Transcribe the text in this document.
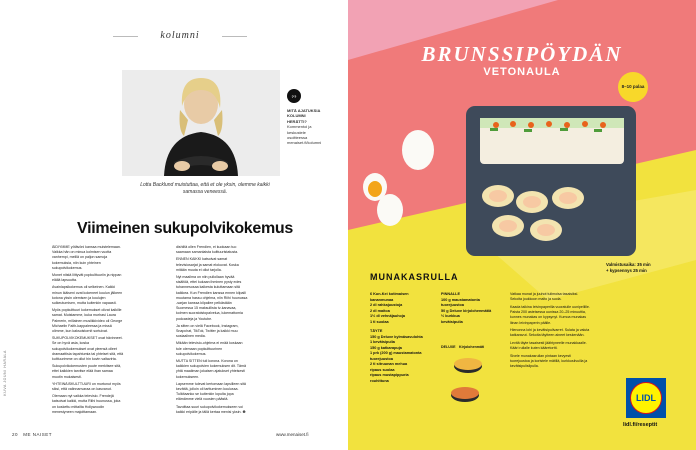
kolumni
Lotta Backlund muistuttaa, että et ole yksin, olemme kaikki samassa veneessä.
??
MITÄ AJATUKSIA KOLUMNI HERÄTTI?
Kommentoi ja keskustele osoitteessa menaiset.fi/kolumni
Viimeinen sukupolvikokemus

ÄIDIYMME yötävöni kanssa muistelemaan. Vaikka hän on minua kolmisen vuotta vanhempi, meillä on paljon samoja kokemuksia, niin kuin yhteinen sukupolvikokemus.

Monet niistä liittyvät popkulttuuriin ja nippan eläliä lapsuutta.

Avainlapsikokemus oli selkeinen. Kaikki minun ikäiseni ovat kokeneet koulun jälkeen kotona yksin olemisen ja koulujen sulkeutumisen, mutta kuitenkin vapaasti.

Myös popkulttuuri kokemukset olivat kaikille samat. Muistamme, kuka murhasi Laura Palmerin, millainen musiikkivideo oli George Michaelin Faith-kappaleessa ja missä olimme, kun kaksoistornit sortuivat.

SUKUPOLVIKOKEMUKSET ovat hävinneet. Se on hyvä asia, koska sukupolvikokemukset ovat yleensä olleet dramaattisia tapahtumia tai yhteiset sitä, että kulttuurimme on ollut hin kovin valtavirta.

Sukupolvikokemusten puute merkitsee sitä, ettei kaikkien tarvitse elää ihan samaa muotin mukaisesti.

YHTEINÄISKULTTUURI on murtunut myös siksi, että valinnanvaraa on kasvanut.

Olemaan nyt vaikka televisio. Frendejä katsoivat kaikki, mutta Riihi huunussa, joka on koskettu mittailta Hollywoodin menestyneen majoittamaan.

dishiltä ollen Frendien, ei kuokaan tuo saamaan samanlaista kulttuuristatusta.

ENNEN KAIKKI katsoivat samat televisiosarjat ja samat elokuvat. Koska mitään muuta ei ollut tarjolla.

Nyt maailma on niin pullollaan hyvää sisältöä, ettei kukaan ihminen pysty edes tuhannesosaa kaikesta kuluttamaan sitä kaikkea. Kun Frendien kanssa ennen kilpaili muutama hassu ohjelma, niin Riihi huunussa -sarjan kanssa kilpailee pelkästään Suomessa 15 maksullista tv-kanavaa, kolmen suoratoistopalvelua, lukemattomia podcasteja ja Youtube.

Ja sitten on vielä Facebook, Instagram, Snapchat, TikTok, Twitter ja kaikki muu sosiaalinen media.

Mikään televisio-ohjelma ei enää koskaan tule olemaan popkulttuurinen sukupolvikokemus.

MUTTA SITTEN tuli korona. Korona on kaikkien sukupolvien kokemuksen dit. Tämä yhtä maailman jokaisen ajatukset yhteisesti kokemukseen.

Lapsemme tulevat kertomaan lapsilleen sitä kevättä, jolloin oli tarttuminen koulussa. Tulkitaanko se kuitenkin lopulta jopa elämämme vielä vuosien päästä.

Tavoittaa suuri sukupolvikokemukseen voi kaikki eripälle ja tällä kertaa menisi yksin. ❶

KUVA JOUNI HARALA
20 ME NAISET	www.menaiset.fi
BRUNSSIPÖYDÄN
VETONAULA
8–10 palaa
MUNAKASRULLA
Valmistusaika: 35 min
+ kypsennys 25 min
6 Kun-Kei kotimaisen kananmunaa
2 dl rahkajuustoja
2 dl maitoa
1½ dl vehnäjauhoja
1 tl suolaa
TÄYTE
150 g Deluxe kylmäsavulohta
1 kevätsipulia
150 g katkarapuja
1 prk (200 g) maustamatonta tuorejuustoa
2 tl sitruunan mehua
ripaus suolaa
ripaus mustapippuria
rouhittuna
PINNALLE
100 g maustamatonta tuorejuustoa
50 g Deluxe kirjolohenmätiä
½ kurkkua
kevätsipulia
DELUXE Kirjolohenmäti

Vatkaa munat ja juuhot tulimoisa tasaisiksi. Sekoita joukkoon maito ja suola.

Kaada taikina leivinpaperilla vuoratulle uunipellille. Paista 200 asteisessa uunissa 20–25 minuuttia, kunnes munakas on kypsynyt. Kumoa munakas liinan leivinpaperin päälle.

Hienonna lohi ja kevätsipulivarret. Sulata ja valuta katkaravut. Sekoita täytteen aineet keskenään.

Levitä täyte tasaisesti jäähtyneelle munakkaalle. Kääri rullalle kuten kääretortti.

Sivele munakasrullan pintaan kevyesti tuorejuustoa ja koristele mätillä, kurkkusiivuilla ja kevätsipulisilpulla.

LIDL
lidl.fi/reseptit
